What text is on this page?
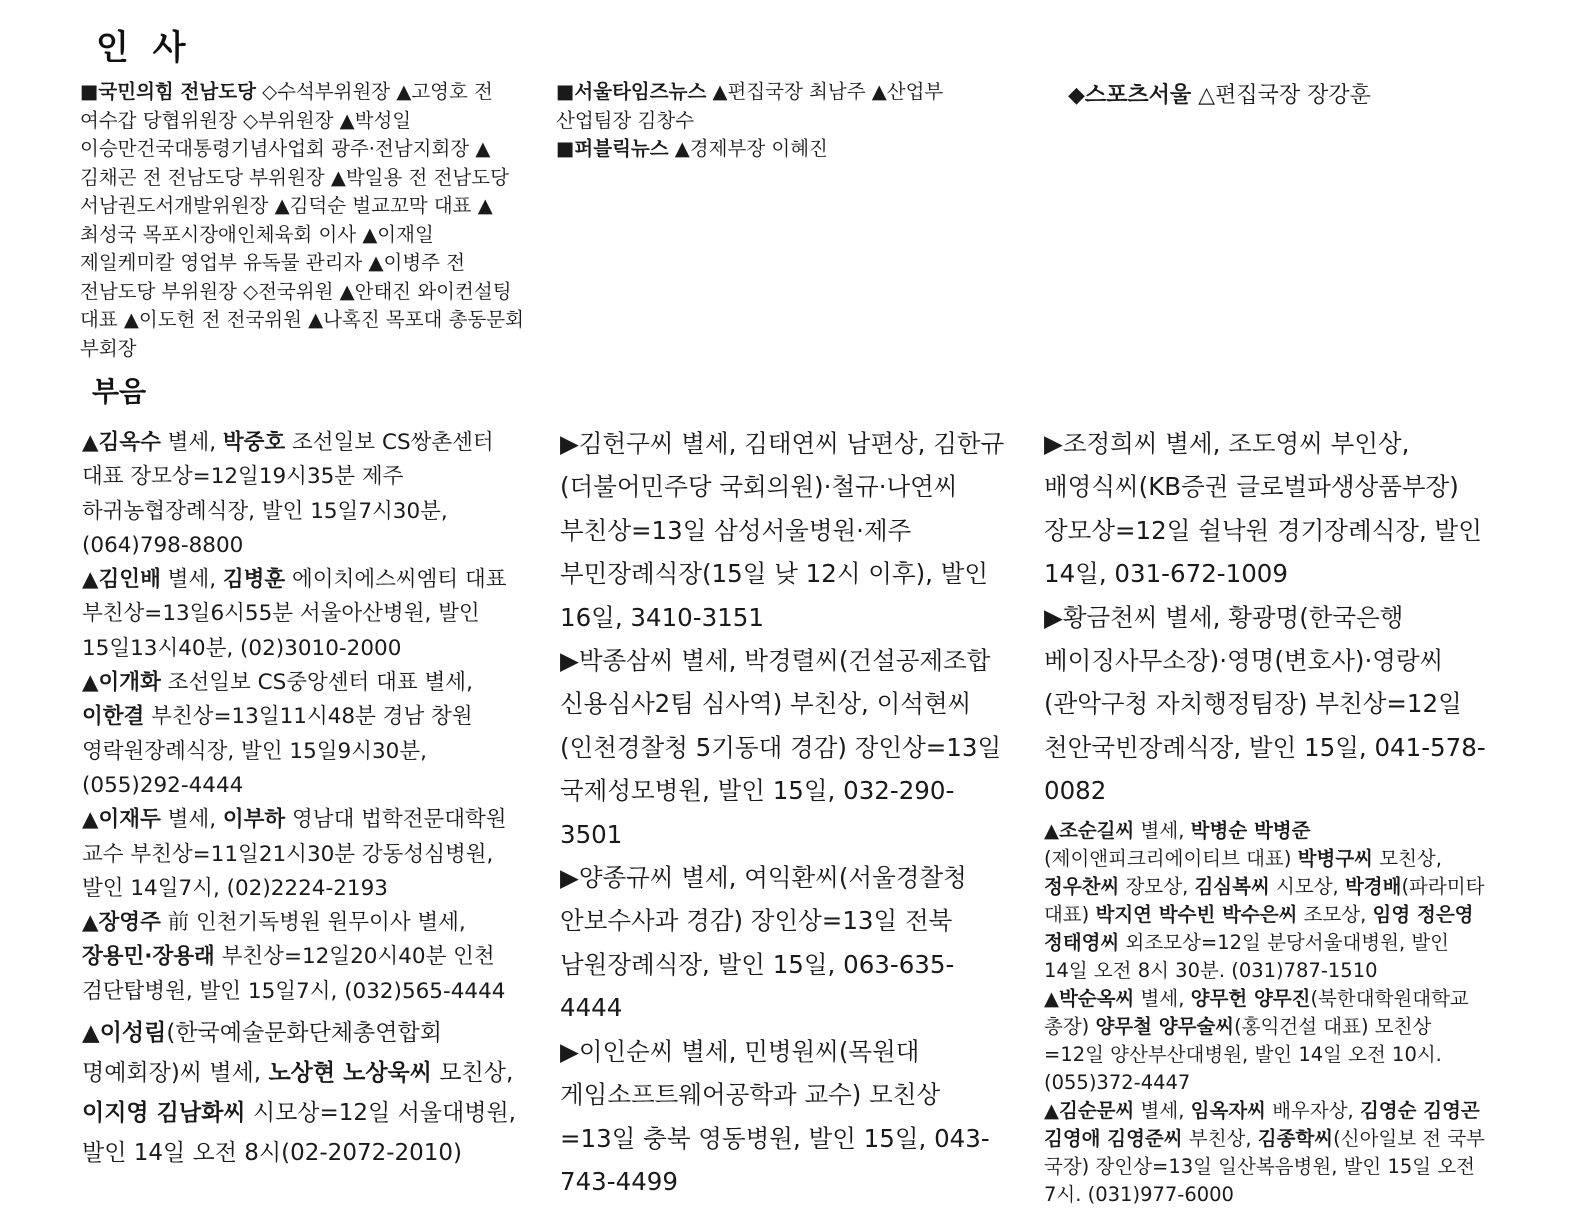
인 사

■국민의힘 전남도당 ◇수석부위원장 ▲고영호 전 여수갑 당협위원장 ◇부위원장 ▲박성일 이승만건국대통령기념사업회 광주·전남지회장 ▲김채곤 전 전남도당 부위원장 ▲박일용 전 전남도당 서남권도서개발위원장 ▲김덕순 벌교꼬막 대표 ▲최성국 목포시장애인체육회 이사 ▲이재일 제일케미칼 영업부 유독물 관리자 ▲이병주 전 전남도당 부위원장 ◇전국위원 ▲안태진 와이컨설팅 대표 ▲이도헌 전 전국위원 ▲나혹진 목포대 총동문회 부회장

■서울타임즈뉴스 ▲편집국장 최남주 ▲산업부 산업팀장 김창수

■퍼블릭뉴스 ▲경제부장 이혜진

◆스포츠서울 △편집국장 장강훈

부음

▲김옥수 별세, 박중호 조선일보 CS쌍촌센터 대표 장모상=12일19시35분 제주 하귀농협장례식장, 발인 15일7시30분, (064)798-8800

▲김인배 별세, 김병훈 에이치에스씨엠티 대표 부친상=13일6시55분 서울아산병원, 발인 15일13시40분, (02)3010-2000

▲이개화 조선일보 CS중앙센터 대표 별세, 이한결 부친상=13일11시48분 경남 창원 영락원장례식장, 발인 15일9시30분, (055)292-4444

▲이재두 별세, 이부하 영남대 법학전문대학원 교수 부친상=11일21시30분 강동성심병원, 발인 14일7시, (02)2224-2193

▲장영주 前 인천기독병원 원무이사 별세, 장용민·장용래 부친상=12일20시40분 인천 검단탑병원, 발인 15일7시, (032)565-4444

▲이성림(한국예술문화단체총연합회 명예회장)씨 별세, 노상현 노상욱씨 모친상, 이지영 김남화씨 시모상=12일 서울대병원, 발인 14일 오전 8시(02-2072-2010)

▶김헌구씨 별세, 김태연씨 남편상, 김한규(더불어민주당 국회의원)·철규·나연씨 부친상=13일 삼성서울병원·제주 부민장례식장(15일 낮 12시 이후), 발인 16일, 3410-3151

▶박종삼씨 별세, 박경렬씨(건설공제조합 신용심사2팀 심사역) 부친상, 이석현씨(인천경찰청 5기동대 경감) 장인상=13일 국제성모병원, 발인 15일, 032-290-3501

▶양종규씨 별세, 여익환씨(서울경찰청 안보수사과 경감) 장인상=13일 전북 남원장례식장, 발인 15일, 063-635-4444

▶이인순씨 별세, 민병원씨(목원대 게임소프트웨어공학과 교수) 모친상=13일 충북 영동병원, 발인 15일, 043-743-4499

▶조정희씨 별세, 조도영씨 부인상, 배영식씨(KB증권 글로벌파생상품부장) 장모상=12일 쉴낙원 경기장례식장, 발인 14일, 031-672-1009

▶황금천씨 별세, 황광명(한국은행 베이징사무소장)·영명(변호사)·영랑씨(관악구청 자치행정팀장) 부친상=12일 천안국빈장례식장, 발인 15일, 041-578-0082

▲조순길씨 별세, 박병순 박병준(제이앤피크리에이티브 대표) 박병구씨 모친상, 정우찬씨 장모상, 김심복씨 시모상, 박경배(파라미타 대표) 박지연 박수빈 박수은씨 조모상, 임영 정은영 정태영씨 외조모상=12일 분당서울대병원, 발인 14일 오전 8시 30분. (031)787-1510

▲박순옥씨 별세, 양무헌 양무진(북한대학원대학교 총장) 양무철 양무술씨(홍익건설 대표) 모친상=12일 양산부산대병원, 발인 14일 오전 10시. (055)372-4447

▲김순문씨 별세, 임옥자씨 배우자상, 김영순 김영곤 김영애 김영준씨 부친상, 김종학씨(신아일보 전 국부 국장) 장인상=13일 일산복음병원, 발인 15일 오전 7시. (031)977-6000
